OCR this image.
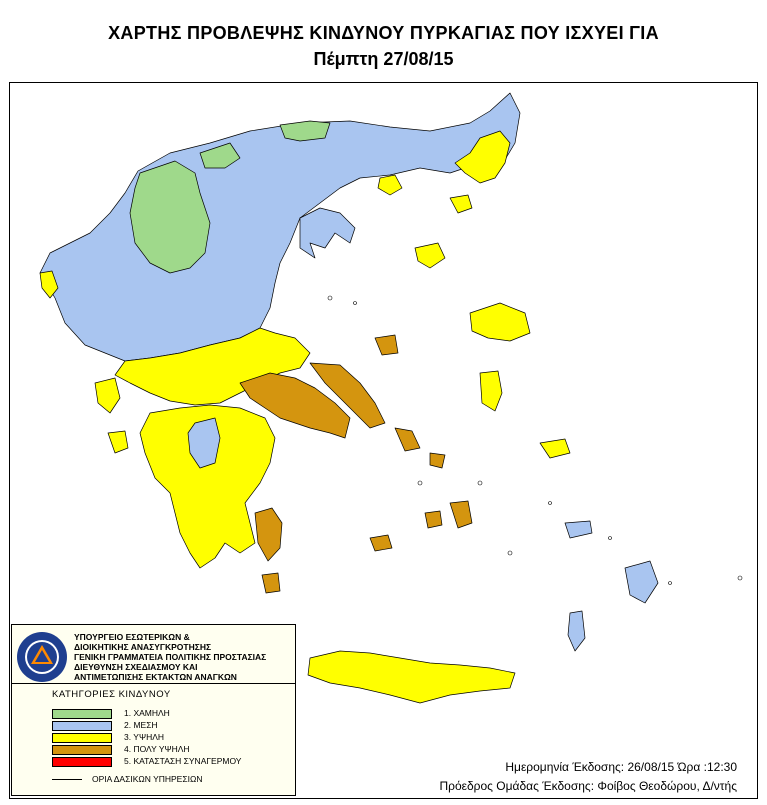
ΧΑΡΤΗΣ ΠΡΟΒΛΕΨΗΣ ΚΙΝΔΥΝΟΥ ΠΥΡΚΑΓΙΑΣ ΠΟΥ ΙΣΧΥΕΙ ΓΙΑ
Πέμπτη 27/08/15
ΥΠΟΥΡΓΕΙΟ ΕΣΩΤΕΡΙΚΩΝ &
ΔΙΟΙΚΗΤΙΚΗΣ ΑΝΑΣΥΓΚΡΟΤΗΣΗΣ
ΓΕΝΙΚΗ ΓΡΑΜΜΑΤΕΙΑ ΠΟΛΙΤΙΚΗΣ ΠΡΟΣΤΑΣΙΑΣ
ΔΙΕΥΘΥΝΣΗ ΣΧΕΔΙΑΣΜΟΥ ΚΑΙ
ΑΝΤΙΜΕΤΩΠΙΣΗΣ ΕΚΤΑΚΤΩΝ ΑΝΑΓΚΩΝ
ΚΑΤΗΓΟΡΙΕΣ ΚΙΝΔΥΝΟΥ
1. ΧΑΜΗΛΗ
2. ΜΕΣΗ
3. ΥΨΗΛΗ
4. ΠΟΛΥ ΥΨΗΛΗ
5. ΚΑΤΑΣΤΑΣΗ ΣΥΝΑΓΕΡΜΟΥ
ΟΡΙΑ ΔΑΣΙΚΩΝ ΥΠΗΡΕΣΙΩΝ
Ημερομηνία Έκδοσης: 26/08/15 Ώρα :12:30
Πρόεδρος Ομάδας Έκδοσης: Φοίβος Θεοδώρου, Δ/ντής
